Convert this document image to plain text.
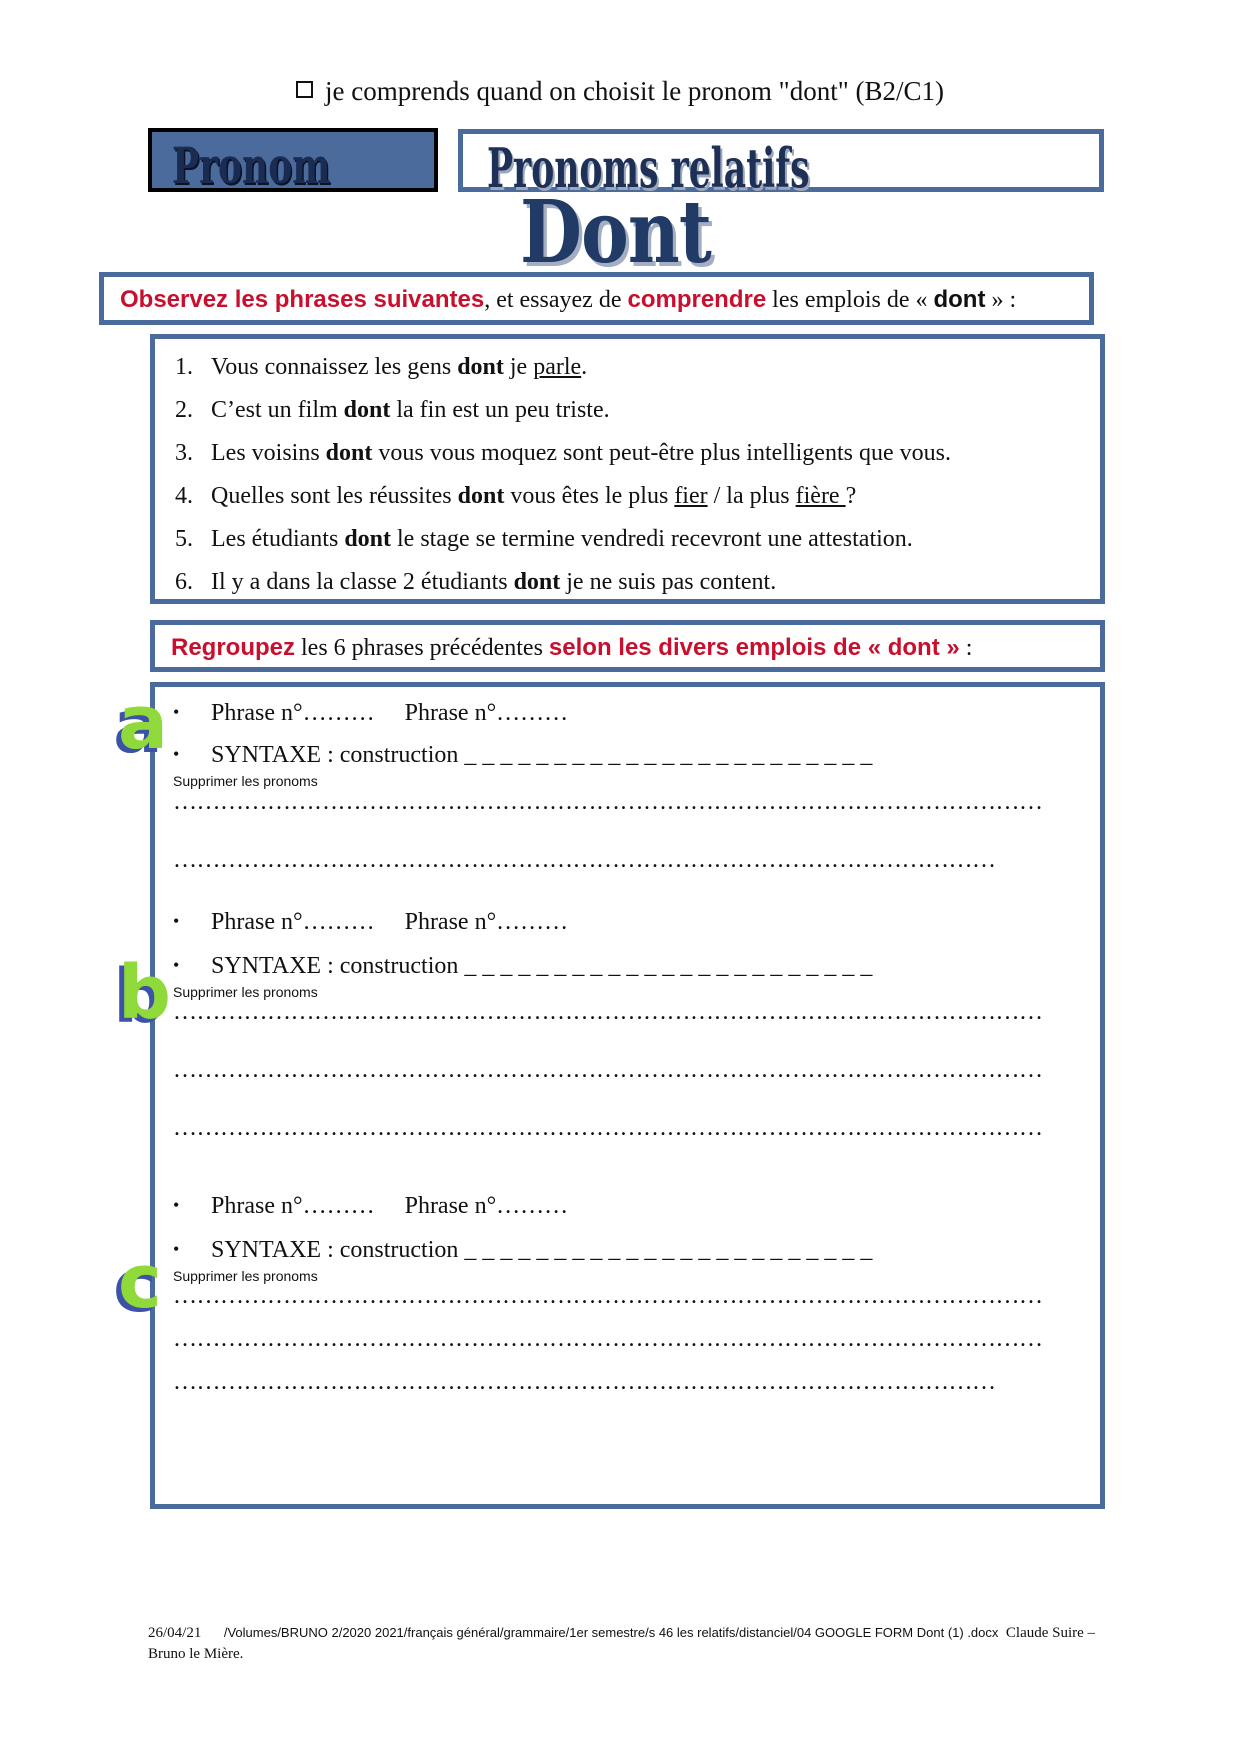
je comprends quand on choisit le pronom "dont" (B2/C1)
Pronom	Pronoms relatifs
Dont
Observez les phrases suivantes, et essayez de comprendre les emplois de « dont » :
1. Vous connaissez les gens dont je parle.
2. C’est un film dont la fin est un peu triste.
3. Les voisins dont vous vous moquez sont peut-être plus intelligents que vous.
4. Quelles sont les réussites dont vous êtes le plus fier / la plus fière ?
5. Les étudiants dont le stage se termine vendredi recevront une attestation.
6. Il y a dans la classe 2 étudiants dont je ne suis pas content.
Regroupez les 6 phrases précédentes selon les divers emplois de « dont » :
• Phrase n°……… Phrase n°………
• SYNTAXE : construction _ _ _ _ _ _ _ _ _ _ _ _ _ _ _ _ _ _ _ _ _ _ _
Supprimer les pronoms
…………………………………………………………………………………………………
……………………………………………………………………………………………
• Phrase n°……… Phrase n°………
• SYNTAXE : construction _ _ _ _ _ _ _ _ _ _ _ _ _ _ _ _ _ _ _ _ _ _ _
Supprimer les pronoms
…………………………………………………………………………………………………
…………………………………………………………………………………………………
…………………………………………………………………………………………………
• Phrase n°……… Phrase n°………
• SYNTAXE : construction _ _ _ _ _ _ _ _ _ _ _ _ _ _ _ _ _ _ _ _ _ _ _
Supprimer les pronoms
…………………………………………………………………………………………………
…………………………………………………………………………………………………
……………………………………………………………………………………………
a
b
c
26/04/21 /Volumes/BRUNO 2/2020 2021/français général/grammaire/1er semestre/s 46 les relatifs/distanciel/04 GOOGLE FORM Dont (1) .docx Claude Suire –
Bruno le Mière.
